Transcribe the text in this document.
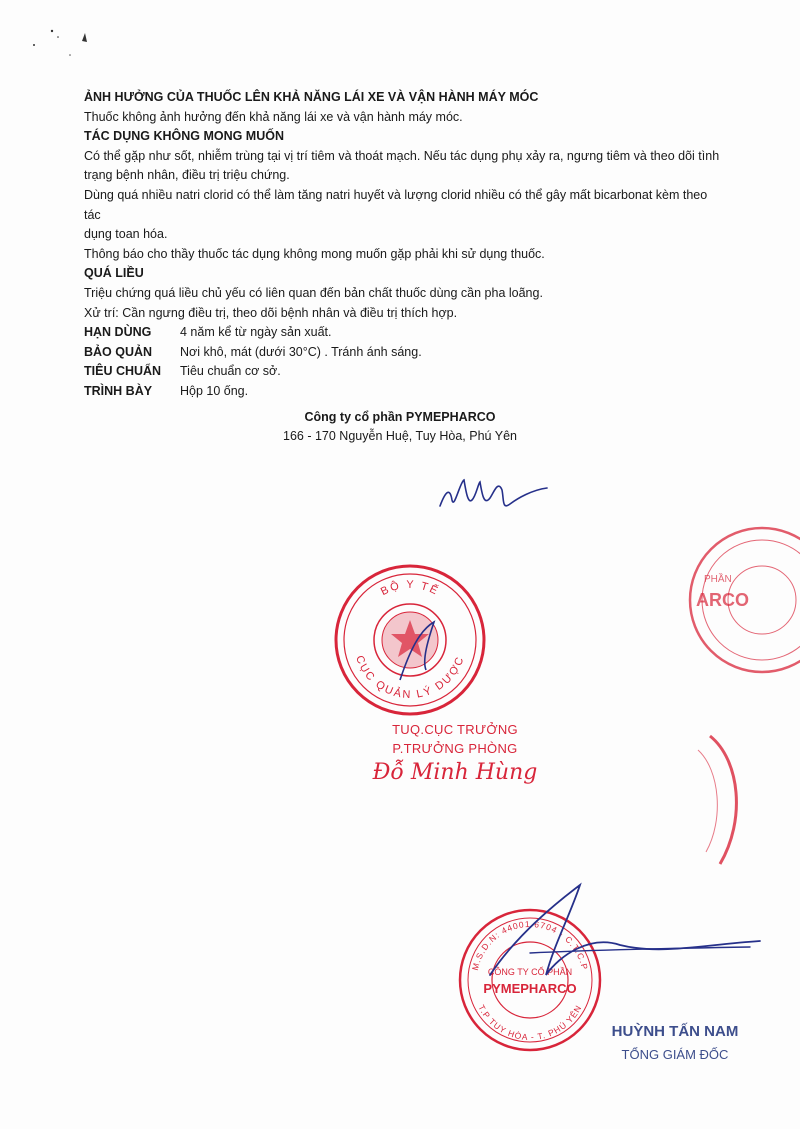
ẢNH HƯỞNG CỦA THUỐC LÊN KHẢ NĂNG LÁI XE VÀ VẬN HÀNH MÁY MÓC

Thuốc không ảnh hưởng đến khả năng lái xe và vận hành máy móc.

TÁC DỤNG KHÔNG MONG MUỐN

Có thể gặp như sốt, nhiễm trùng tại vị trí tiêm và thoát mạch. Nếu tác dụng phụ xảy ra, ngưng tiêm và theo dõi tình

trạng bệnh nhân, điều trị triệu chứng.

Dùng quá nhiều natri clorid có thể làm tăng natri huyết và lượng clorid nhiều có thể gây mất bicarbonat kèm theo tác

dụng toan hóa.

Thông báo cho thầy thuốc tác dụng không mong muốn gặp phải khi sử dụng thuốc.

QUÁ LIỀU

Triệu chứng quá liều chủ yếu có liên quan đến bản chất thuốc dùng cần pha loãng.

Xử trí: Cần ngưng điều trị, theo dõi bệnh nhân và điều trị thích hợp.

HẠN DÙNG	4 năm kể từ ngày sản xuất.
BẢO QUẢN	Nơi khô, mát (dưới 30°C) . Tránh ánh sáng.
TIÊU CHUẨN	Tiêu chuẩn cơ sở.
TRÌNH BÀY	Hộp 10 ống.
Công ty cổ phần PYMEPHARCO
166 - 170 Nguyễn Huệ, Tuy Hòa, Phú Yên
BỘ Y TẾ
CỤC QUẢN LÝ DƯỢC
TUQ.CỤC TRƯỞNG
P.TRƯỞNG PHÒNG
Đỗ Minh Hùng
ARCO
PHẦN
M.S.D.N: 44001 6704 - C.T.C.P
T.P TUY HÒA - T. PHÚ YÊN
CÔNG TY CỔ PHẦN
PYMEPHARCO
HUỲNH TẤN NAM
TỔNG GIÁM ĐỐC
